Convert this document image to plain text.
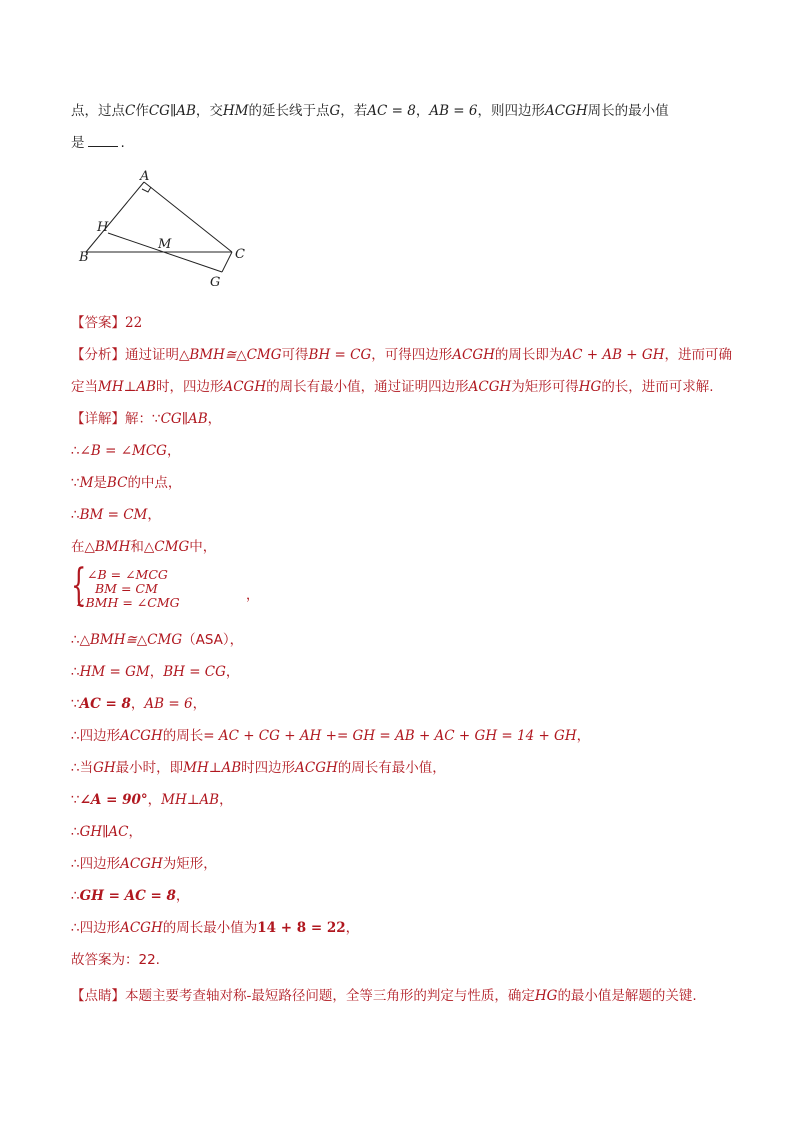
点，过点C作CG∥AB，交HM的延长线于点G，若AC = 8，AB = 6，则四边形ACGH周长的最小值
是	.
A
H
M
B	C
G
【答案】22
【分析】通过证明△BMH≅△CMG可得BH = CG，可得四边形ACGH的周长即为AC + AB + GH，进而可确
定当MH⊥AB时，四边形ACGH的周长有最小值，通过证明四边形ACGH为矩形可得HG的长，进而可求解.
【详解】解：∵CG∥AB，
∴∠B = ∠MCG，
∵M是BC的中点，
∴BM = CM，
在△BMH和△CMG中，
{ ∠B = ∠MCG
BM = CM
∠BMH = ∠CMG	，
∴△BMH≅△CMG（ASA），
∴HM = GM，BH = CG，
∵AC = 8，AB = 6，
∴四边形ACGH的周长= AC + CG + AH += GH = AB + AC + GH = 14 + GH，
∴当GH最小时，即MH⊥AB时四边形ACGH的周长有最小值，
∵∠A = 90°，MH⊥AB，
∴GH∥AC，
∴四边形ACGH为矩形，
∴GH = AC = 8，
∴四边形ACGH的周长最小值为14 + 8 = 22，
故答案为：22.
【点睛】本题主要考查轴对称-最短路径问题，全等三角形的判定与性质，确定HG的最小值是解题的关键.
